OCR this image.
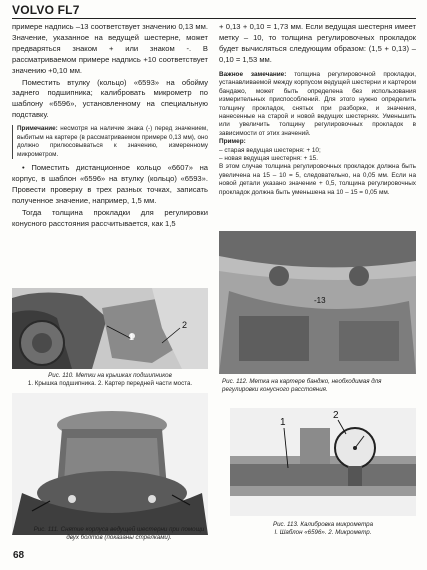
VOLVO FL7

примере надпись –13 соответствует значению 0,13 мм. Значение, указанное на ведущей шестерне, может предваряться знаком + или знаком -. В рассматриваемом примере надпись +10 соответствует значению +0,10 мм.

Поместить втулку (кольцо) «6593» на обойму заднего подшипника; калибровать микрометр по шаблону «6596», установленному на специальную подставку.

Примечание: несмотря на наличие знака (-) перед значением, выбитым на картере (в рассматриваемом примере 0,13 мм), оно должно прилюсовываться к значению, измеренному микрометром.

• Поместить дистанционное кольцо «6607» на корпус, в шаблон «6596» на втулку (кольцо) «6593». Провести проверку в трех разных точках, записать полученное значение, например, 1,5 мм.

Тогда толщина прокладки для регулировки конусного расстояния рассчитывается, как 1,5

+ 0,13 + 0,10 = 1,73 мм. Если ведущая шестерня имеет метку – 10, то толщина регулировочных прокладок будет вычисляться следующим образом: (1,5 + 0,13) – 0,10 = 1,53 мм.

Важное замечание: толщина регулировочной прокладки, устанавливаемой между корпусом ведущей шестерни и картером бандажо, может быть определена без использования измерительных приспособлений. Для этого нужно определить толщину прокладок, снятых при разборке, и значения, нанесенные на старой и новой ведущих шестернях. Уменьшить или увеличить толщину регулировочных прокладок в зависимости от этих значений.

Пример:

– старая ведущая шестерня: + 10;

– новая ведущая шестерня: + 15.

В этом случае толщина регулировочных прокладок должна быть увеличена на 15 – 10 = 5, следовательно, на 0,05 мм. Если на новой детали указано значение + 0,5, толщина регулировочных прокладок должна быть уменьшена на 10 – 15 = 0,05 мм.

1
2
Рис. 110. Метки на крышках подшипников
1. Крышка подшипника. 2. Картер передней части моста.
Рис. 111. Снятие корпуса ведущей шестерни при помощи двух болтов (показаны стрелками).
-13
Рис. 112. Метка на картере банджо, необходимая для регулировки конусного расстояния.
1
2
Рис. 113. Калибровка микрометра
I. Шаблон «6596». 2. Микрометр.
68
